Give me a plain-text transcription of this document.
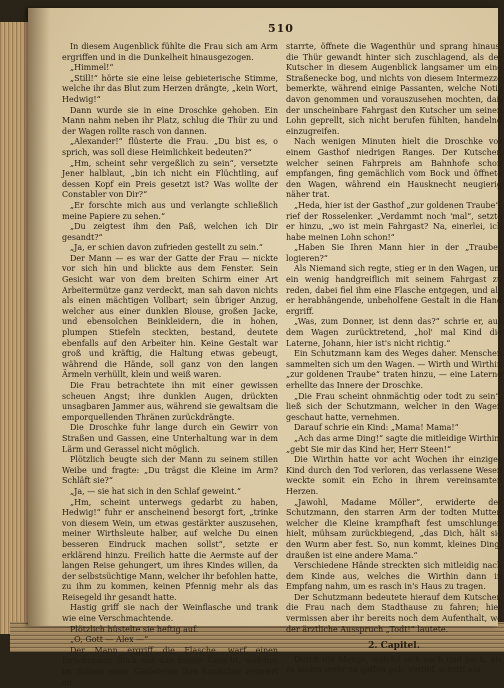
510

In diesem Augenblick fühlte die Frau sich am Arm ergriffen und in die Dunkelheit hinausgezogen.

„Himmel!“

„Still!“ hörte sie eine leise gebieterische Stimme, welche ihr das Blut zum Herzen drängte, „kein Wort, Hedwig!“

Dann wurde sie in eine Droschke gehoben. Ein Mann nahm neben ihr Platz, schlug die Thür zu und der Wagen rollte rasch von dannen.

„Alexander!“ flüsterte die Frau. „Du bist es, o sprich, was soll diese Heimlichkeit bedeuten?“

„Hm, scheint sehr vergeßlich zu sein“, versetzte Jener halblaut, „bin ich nicht ein Flüchtling, auf dessen Kopf ein Preis gesetzt ist? Was wollte der Constabler von Dir?“

„Er forschte mich aus und verlangte schließlich meine Papiere zu sehen.“

„Du zeigtest ihm den Paß, welchen ich Dir gesandt?“

„Ja, er schien davon zufrieden gestellt zu sein.“

Der Mann — es war der Gatte der Frau — nickte vor sich hin und blickte aus dem Fenster. Sein Gesicht war von dem breiten Schirm einer Art Arbeitermütze ganz verdeckt, man sah davon nichts als einen mächtigen Vollbart; sein übriger Anzug, welcher aus einer dunklen Blouse, großen Jacke, und ebensolchen Beinkleidern, die in hohen, plumpen Stiefeln steckten, bestand, deutete ebenfalls auf den Arbeiter hin. Keine Gestalt war groß und kräftig, die Haltung etwas gebeugt, während die Hände, soll ganz von den langen Ärmeln verhüllt, klein und weiß waren.

Die Frau betrachtete ihn mit einer gewissen scheuen Angst; ihre dunklen Augen, drückten unsagbaren Jammer aus, während sie gewaltsam die emporquellenden Thränen zurückdrängte.

Die Droschke fuhr lange durch ein Gewirr von Straßen und Gassen, eine Unterhaltung war in dem Lärm und Gerassel nicht möglich.

Plötzlich beugte sich der Mann zu seinem stillen Weibe und fragte: „Du trägst die Kleine im Arm? Schläft sie?“

„Ja, — sie hat sich in den Schlaf geweint.“

„Hm, scheint unterwegs gedarbt zu haben, Hedwig!“ fuhr er anscheinend besorgt fort, „trinke von diesem Wein, um etwas gestärkter auszusehen, meiner Wirthsleute halber, auf welche Du einen besseren Eindruck machen sollst“, setzte er erklärend hinzu. Freilich hatte die Aermste auf der langen Reise gehungert, um ihres Kindes willen, da der selbstsüchtige Mann, welcher ihr befohlen hatte, zu ihm zu kommen, keinen Pfennig mehr als das Reisegeld ihr gesandt hatte.

Hastig griff sie nach der Weinflasche und trank wie eine Verschmachtende.

Plötzlich hüstelte sie heftig auf.

„O, Gott — Alex —“

Der Mann ergriff die Flasche, warf einen forschenden Blick auf das blasse Gesicht, welches im Schein einer Gaslaterne ihm furchtbar verzerrt an-

starrte, öffnete die Wagenthür und sprang hinaus, die Thür gewandt hinter sich zuschlagend, als der Kutscher in diesem Augenblick langsamer um eine Straßenecke bog, und nichts von diesem Intermezzo bemerkte, während einige Passanten, welche Notiz davon genommen und vorauszusehen mochten, daß der unscheinbare Fahrgast den Kutscher um seinen Lohn geprellt, sich nicht berufen fühlten, handelnd einzugreifen.

Nach wenigen Minuten hielt die Droschke vor einem Gasthof niedrigen Ranges. Der Kutscher, welcher seinen Fahrpreis am Bahnhofe schon empfangen, fing gemächlich vom Bock und öffnete den Wagen, während ein Hausknecht neugierig näher trat.

„Heda, hier ist der Gasthof „zur goldenen Traube“, rief der Rosselenker. „Verdammt noch 'mal“, setzte er hinzu, „wo ist mein Fahrgast? Na, einerlei, ich habe meinen Lohn schon!“

„Haben Sie Ihren Mann hier in der „Traube“ logieren?“

Als Niemand sich regte, stieg er in den Wagen, um ein wenig handgreiflich mit seinem Fahrgast zu reden, dabei fiel ihm eine Flasche entgegen, und als er herabhängende, unbeholfene Gestalt in die Hand ergriff.

„Was, zum Donner, ist denn das?“ schrie er, aus dem Wagen zurücktretend, „hol' mal Kind die Laterne, Johann, hier ist's nicht richtig.“

Ein Schutzmann kam des Weges daher. Menschen sammelten sich um den Wagen. — Wirth und Wirthin „zur goldenen Traube“ traten hinzu, — eine Laterne erhellte das Innere der Droschke.

„Die Frau scheint ohnmächtig oder todt zu sein“, ließ sich der Schutzmann, welcher in den Wagen geschaut hatte, vernehmen.

Darauf schrie ein Kind: „Mama! Mama!“

„Ach das arme Ding!“ sagte die mitleidige Wirthin, „gebt Sie mir das Kind her, Herr Steen!“

Die Wirthin hatte vor acht Wochen ihr einziges Kind durch den Tod verloren, das verlassene Wesen weckte somit ein Echo in ihrem vereinsamten Herzen.

„Jawohl, Madame Möller“, erwiderte der Schutzmann, den starren Arm der todten Mutter, welcher die Kleine krampfhaft fest umschlungen hielt, mühsam zurückbiegend, „das Dich, hält sie den Wurm aber fest. So, nun kommt, kleines Ding, draußen ist eine andere Mama.“

Verschiedene Hände streckten sich mitleidig nach dem Kinde aus, welches die Wirthin dann in Empfang nahm, um es rasch in's Haus zu tragen.

Der Schutzmann bedeutete hierauf dem Kutscher, die Frau nach dem Stadthause zu fahren; hier vermissen aber ihr bereits noch dem Aufenthalt, wo der ärztliche Ausspruch „Todt!“ lautete.

2. Capitel.

Durch die Menge, welche sich nach und nach, als es nichts mehr zu gaffen gab, verlief, schritt ein
